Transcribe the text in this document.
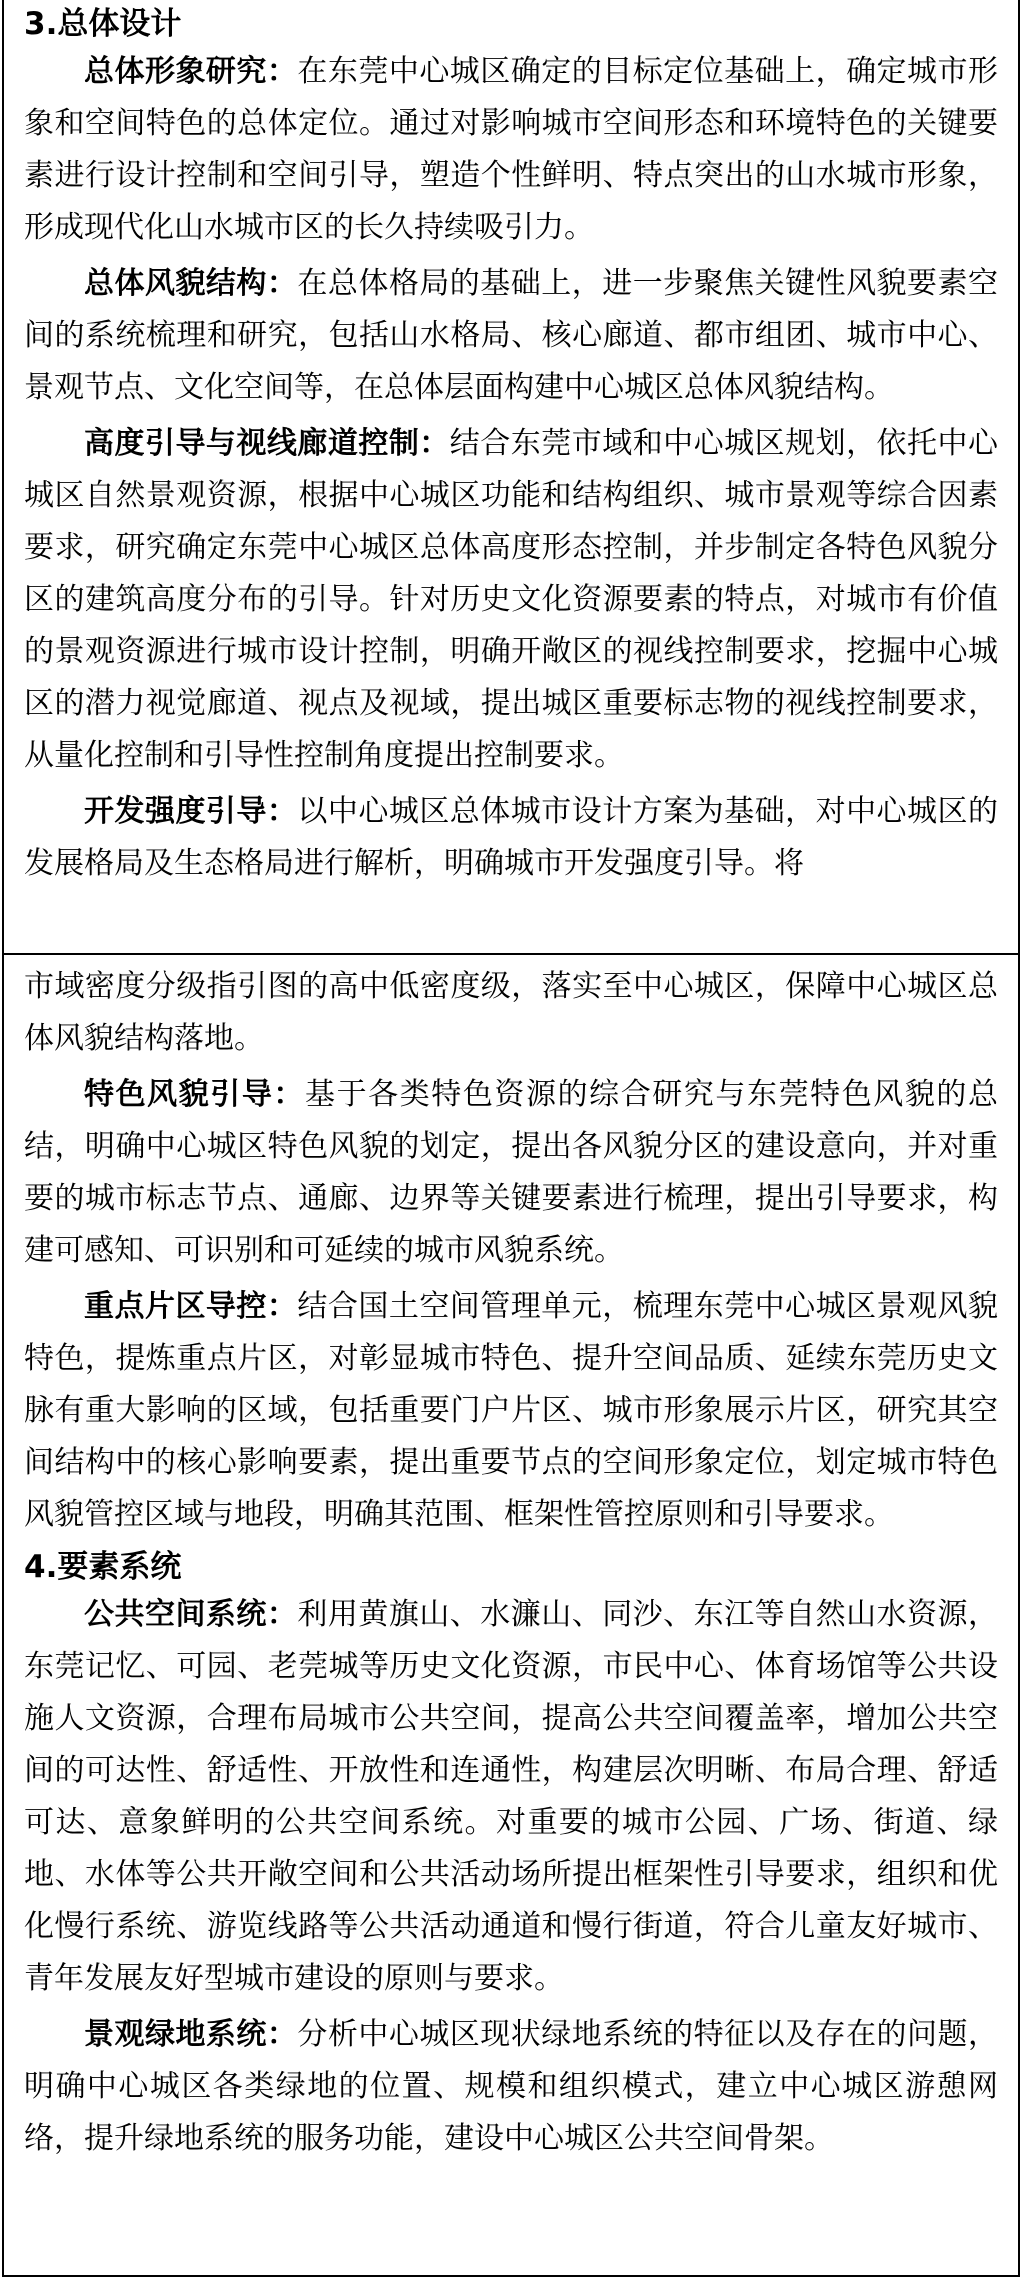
3.总体设计

总体形象研究：在东莞中心城区确定的目标定位基础上，确定城市形象和空间特色的总体定位。通过对影响城市空间形态和环境特色的关键要素进行设计控制和空间引导，塑造个性鲜明、特点突出的山水城市形象，形成现代化山水城市区的长久持续吸引力。

总体风貌结构：在总体格局的基础上，进一步聚焦关键性风貌要素空间的系统梳理和研究，包括山水格局、核心廊道、都市组团、城市中心、景观节点、文化空间等，在总体层面构建中心城区总体风貌结构。

高度引导与视线廊道控制：结合东莞市域和中心城区规划，依托中心城区自然景观资源，根据中心城区功能和结构组织、城市景观等综合因素要求，研究确定东莞中心城区总体高度形态控制，并步制定各特色风貌分区的建筑高度分布的引导。针对历史文化资源要素的特点，对城市有价值的景观资源进行城市设计控制，明确开敞区的视线控制要求，挖掘中心城区的潜力视觉廊道、视点及视域，提出城区重要标志物的视线控制要求，从量化控制和引导性控制角度提出控制要求。

开发强度引导：以中心城区总体城市设计方案为基础，对中心城区的发展格局及生态格局进行解析，明确城市开发强度引导。将

市域密度分级指引图的高中低密度级，落实至中心城区，保障中心城区总体风貌结构落地。

特色风貌引导：基于各类特色资源的综合研究与东莞特色风貌的总结，明确中心城区特色风貌的划定，提出各风貌分区的建设意向，并对重要的城市标志节点、通廊、边界等关键要素进行梳理，提出引导要求，构建可感知、可识别和可延续的城市风貌系统。

重点片区导控：结合国土空间管理单元，梳理东莞中心城区景观风貌特色，提炼重点片区，对彰显城市特色、提升空间品质、延续东莞历史文脉有重大影响的区域，包括重要门户片区、城市形象展示片区，研究其空间结构中的核心影响要素，提出重要节点的空间形象定位，划定城市特色风貌管控区域与地段，明确其范围、框架性管控原则和引导要求。

4.要素系统

公共空间系统：利用黄旗山、水濂山、同沙、东江等自然山水资源，东莞记忆、可园、老莞城等历史文化资源，市民中心、体育场馆等公共设施人文资源，合理布局城市公共空间，提高公共空间覆盖率，增加公共空间的可达性、舒适性、开放性和连通性，构建层次明晰、布局合理、舒适可达、意象鲜明的公共空间系统。对重要的城市公园、广场、街道、绿地、水体等公共开敞空间和公共活动场所提出框架性引导要求，组织和优化慢行系统、游览线路等公共活动通道和慢行街道，符合儿童友好城市、青年发展友好型城市建设的原则与要求。

景观绿地系统：分析中心城区现状绿地系统的特征以及存在的问题，明确中心城区各类绿地的位置、规模和组织模式，建立中心城区游憩网络，提升绿地系统的服务功能，建设中心城区公共空间骨架。
